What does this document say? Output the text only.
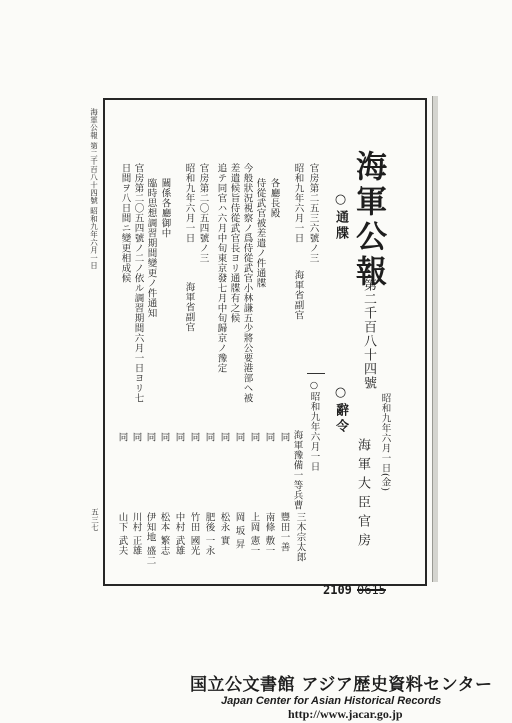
海軍公報
第二千百八十四號
昭和九年六月一日(金)
海軍大臣官房
○辭令
○通牒
○昭和九年六月一日
海軍豫備一等兵曹
三木宗太郎
豐田一善
南條 敷一
上岡 憲一
岡 坂 昇
松永 實
肥後 一永
竹田 國光
中村 武雄
松本 繁志
伊知地 盛二
川村 正雄
山下 武夫
同
同
同
同
同
同
同
同
同
同
同
同
官房第二五三六號ノ三
昭和九年六月一日
海軍省副官
各廳長殿
侍從武官被差遣ノ件通牒
今般狀況視察ノ爲侍從武官小林謙五少將公要港部ヘ被
差遣候旨侍從武官長ヨリ通牒有之候
追テ同官ハ六月中旬東京發七月中旬歸京ノ豫定
官房第二〇五四號ノ三
昭和九年六月一日
海軍省副官
關係各廳御中
臨時思想調習期間變更ノ件通知
官房第二〇五四號ノ二ノ依ル調習期間六月一日ヨリ七
日間ヲ八日間ニ變更相成候
海軍公報 第二千百八十四號 昭和九年六月一日
五三七
2109 0615
国立公文書館 アジア歴史資料センター
Japan Center for Asian Historical Records
http://www.jacar.go.jp
